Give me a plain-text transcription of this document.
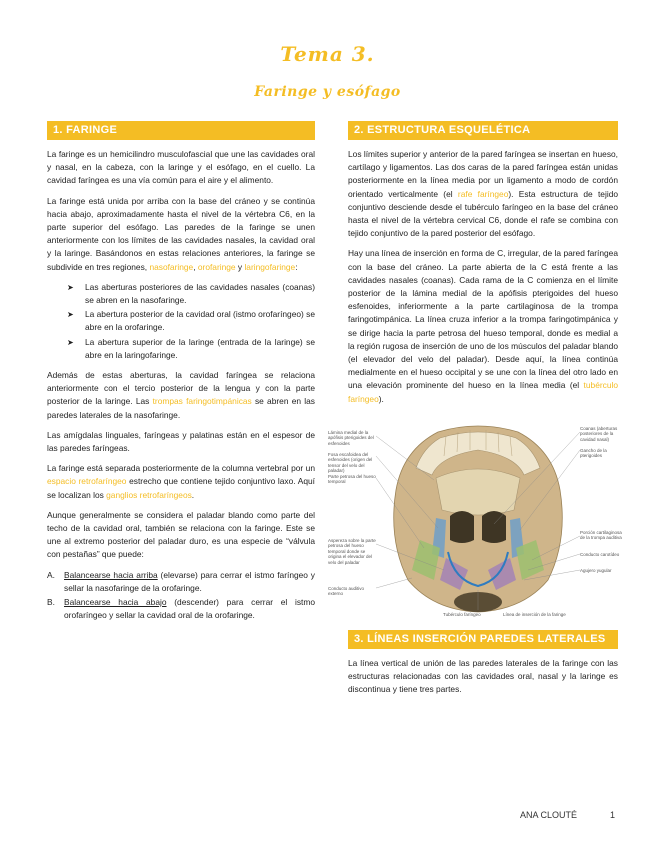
Tema 3.
Faringe y esófago
1. FARINGE

La faringe es un hemicilindro musculofascial que une las cavidades oral y nasal, en la cabeza, con la laringe y el esófago, en el cuello. La cavidad faríngea es una vía común para el aire y el alimento.

La faringe está unida por arriba con la base del cráneo y se continúa hacia abajo, aproximadamente hasta el nivel de la vértebra C6, en la parte superior del esófago. Las paredes de la faringe se unen anteriormente con los límites de las cavidades nasales, la cavidad oral y la laringe. Basándonos en estas relaciones anteriores, la faringe se subdivide en tres regiones, nasofaringe, orofaringe y laringofaringe:

➤ Las aberturas posteriores de las cavidades nasales (coanas) se abren en la nasofaringe.
➤ La abertura posterior de la cavidad oral (istmo orofaríngeo) se abre en la orofaringe.
➤ La abertura superior de la laringe (entrada de la laringe) se abre en la laringofaringe.

Además de estas aberturas, la cavidad faríngea se relaciona anteriormente con el tercio posterior de la lengua y con la parte posterior de la laringe. Las trompas faringotimpánicas se abren en las paredes laterales de la nasofaringe.

Las amígdalas linguales, faríngeas y palatinas están en el espesor de las paredes faríngeas.

La faringe está separada posteriormente de la columna vertebral por un espacio retrofaríngeo estrecho que contiene tejido conjuntivo laxo. Aquí se localizan los ganglios retrofaríngeos.

Aunque generalmente se considera el paladar blando como parte del techo de la cavidad oral, también se relaciona con la faringe. Este se une al extremo posterior del paladar duro, es una especie de “válvula con pestañas” que puede:

A. Balancearse hacia arriba (elevarse) para cerrar el istmo faríngeo y sellar la nasofaringe de la orofaringe.
B. Balancearse hacia abajo (descender) para cerrar el istmo orofaríngeo y sellar la cavidad oral de la orofaringe.
2. ESTRUCTURA ESQUELÉTICA

Los límites superior y anterior de la pared faríngea se insertan en hueso, cartílago y ligamentos. Las dos caras de la pared faríngea están unidas posteriormente en la línea media por un ligamento a modo de cordón orientado verticalmente (el rafe faríngeo). Esta estructura de tejido conjuntivo desciende desde el tubérculo faríngeo en la base del cráneo hasta el nivel de la vértebra cervical C6, donde el rafe se combina con tejido conjuntivo de la pared posterior del esófago.

Hay una línea de inserción en forma de C, irregular, de la pared faríngea con la base del cráneo. La parte abierta de la C está frente a las cavidades nasales (coanas). Cada rama de la C comienza en el límite posterior de la lámina medial de la apófisis pterigoides del hueso esfenoides, inferiormente a la parte cartilaginosa de la trompa faringotimpánica. La línea cruza inferior a la trompa faringotimpánica y se dirige hacia la parte petrosa del hueso temporal, donde es medial a la región rugosa de inserción de uno de los músculos del paladar blando (el elevador del velo del paladar). Desde aquí, la línea continúa medialmente en el hueso occipital y se une con la línea del otro lado en una elevación prominente del hueso en la línea media (el tubérculo faríngeo).

Lámina medial de la apófisis pterigoides del esfenoides
Fosa escafoidea del esfenoides (origen del tensor del velo del paladar)
Parte petrosa del hueso temporal
Aspereza sobre la parte petrosa del hueso temporal donde se origina el elevador del velo del paladar
Conducto auditivo externo
Tubérculo faríngeo	Línea de inserción de la faringe
Coanas (aberturas posteriores de la cavidad nasal)
Gancho de la pterigoides
Porción cartilaginosa de la trompa auditiva
Conducto carotídeo
Agujero yugular
3. LÍNEAS INSERCIÓN PAREDES LATERALES

La línea vertical de unión de las paredes laterales de la faringe con las estructuras relacionadas con las cavidades oral, nasal y la laringe es discontinua y tiene tres partes.

ANA CLOUTÉ	1
